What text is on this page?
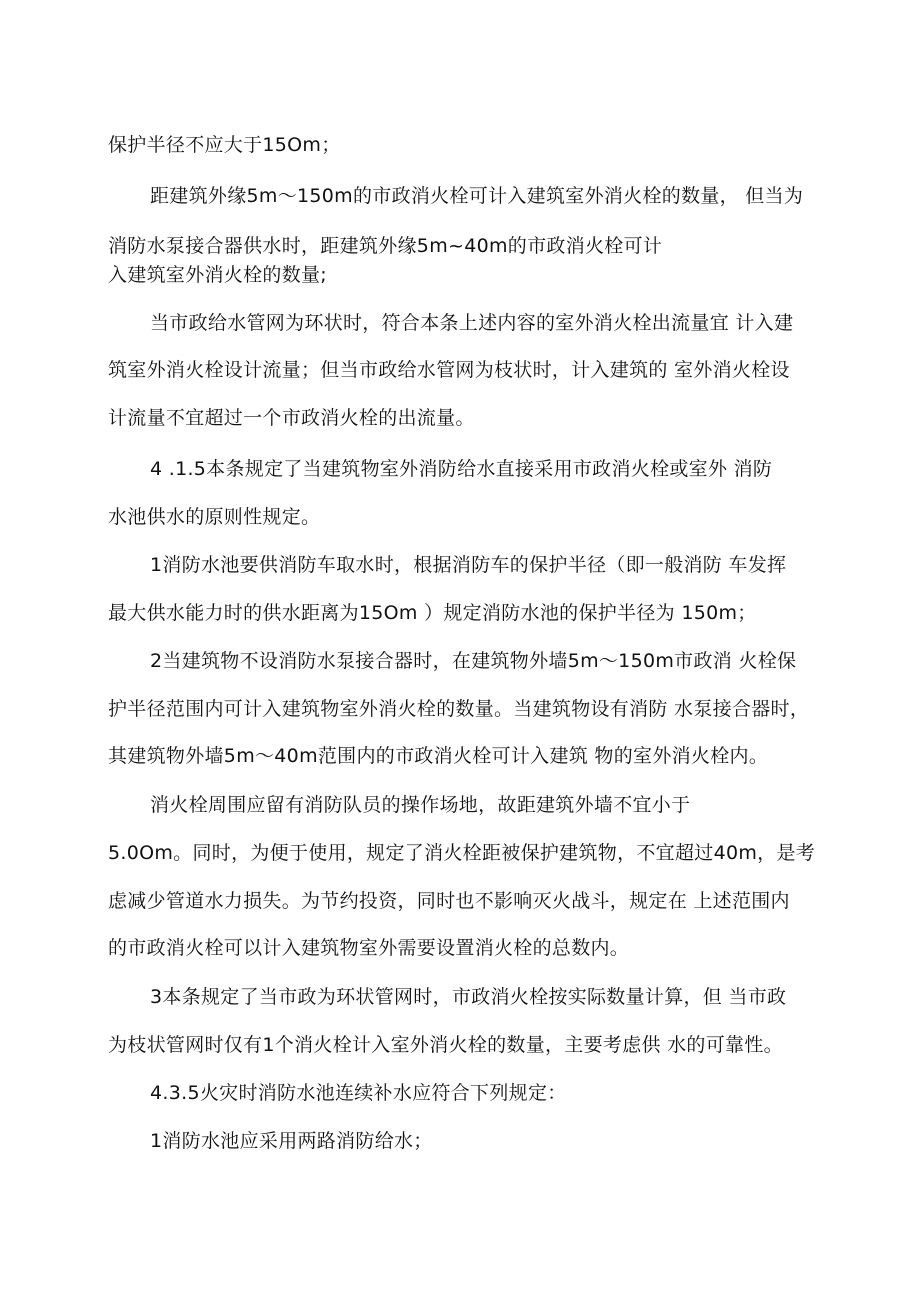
保护半径不应大于15Om；
距建筑外缘5m～150m的市政消火栓可计入建筑室外消火栓的数量， 但当为
消防水泵接合器供水时，距建筑外缘5m~40m的市政消火栓可计
入建筑室外消火栓的数量;
当市政给水管网为环状时，符合本条上述内容的室外消火栓出流量宜 计入建
筑室外消火栓设计流量；但当市政给水管网为枝状时，计入建筑的 室外消火栓设
计流量不宜超过一个市政消火栓的出流量。
4 .1.5本条规定了当建筑物室外消防给水直接采用市政消火栓或室外 消防
水池供水的原则性规定。
1消防水池要供消防车取水时，根据消防车的保护半径（即一般消防 车发挥
最大供水能力时的供水距离为15Om ）规定消防水池的保护半径为 150m；
2当建筑物不设消防水泵接合器时，在建筑物外墙5m～150m市政消 火栓保
护半径范围内可计入建筑物室外消火栓的数量。当建筑物设有消防 水泵接合器时，
其建筑物外墙5m～40m范围内的市政消火栓可计入建筑 物的室外消火栓内。
消火栓周围应留有消防队员的操作场地，故距建筑外墙不宜小于
5.0Om。同时，为便于使用，规定了消火栓距被保护建筑物，不宜超过40m，是考
虑减少管道水力损失。为节约投资，同时也不影响灭火战斗，规定在 上述范围内
的市政消火栓可以计入建筑物室外需要设置消火栓的总数内。
3本条规定了当市政为环状管网时，市政消火栓按实际数量计算，但 当市政
为枝状管网时仅有1个消火栓计入室外消火栓的数量，主要考虑供 水的可靠性。
4.3.5火灾时消防水池连续补水应符合下列规定：
1消防水池应采用两路消防给水；
